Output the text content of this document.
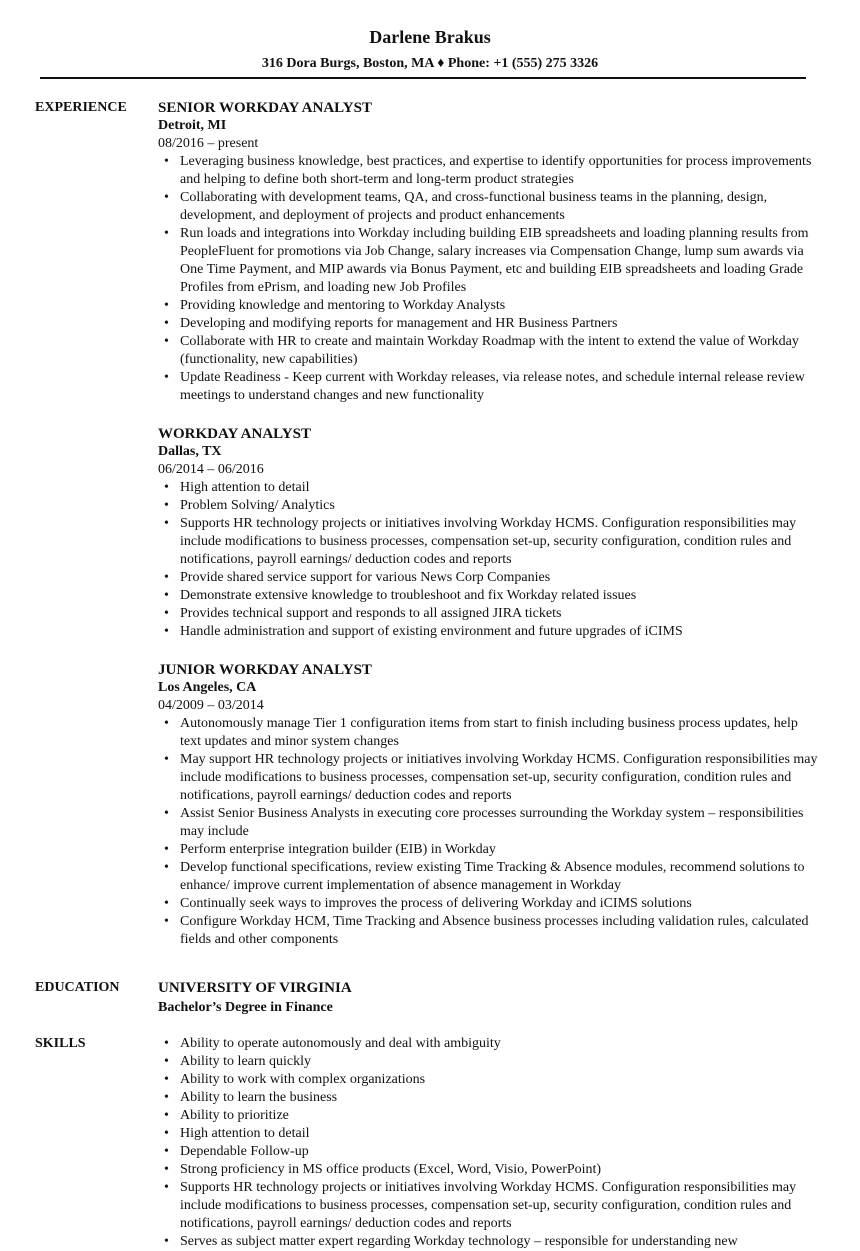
Darlene Brakus
316 Dora Burgs, Boston, MA ♦ Phone: +1 (555) 275 3326
EXPERIENCE SENIOR WORKDAY ANALYST
Detroit, MI
08/2016 – present
• Leveraging business knowledge, best practices, and expertise to identify opportunities for process improvements and helping to define both short-term and long-term product strategies
• Collaborating with development teams, QA, and cross-functional business teams in the planning, design, development, and deployment of projects and product enhancements
• Run loads and integrations into Workday including building EIB spreadsheets and loading planning results from PeopleFluent for promotions via Job Change, salary increases via Compensation Change, lump sum awards via One Time Payment, and MIP awards via Bonus Payment, etc and building EIB spreadsheets and loading Grade Profiles from ePrism, and loading new Job Profiles
• Providing knowledge and mentoring to Workday Analysts
• Developing and modifying reports for management and HR Business Partners
• Collaborate with HR to create and maintain Workday Roadmap with the intent to extend the value of Workday (functionality, new capabilities)
• Update Readiness - Keep current with Workday releases, via release notes, and schedule internal release review meetings to understand changes and new functionality
WORKDAY ANALYST
Dallas, TX
06/2014 – 06/2016
• High attention to detail
• Problem Solving/ Analytics
• Supports HR technology projects or initiatives involving Workday HCMS. Configuration responsibilities may include modifications to business processes, compensation set-up, security configuration, condition rules and notifications, payroll earnings/ deduction codes and reports
• Provide shared service support for various News Corp Companies
• Demonstrate extensive knowledge to troubleshoot and fix Workday related issues
• Provides technical support and responds to all assigned JIRA tickets
• Handle administration and support of existing environment and future upgrades of iCIMS
JUNIOR WORKDAY ANALYST
Los Angeles, CA
04/2009 – 03/2014
• Autonomously manage Tier 1 configuration items from start to finish including business process updates, help text updates and minor system changes
• May support HR technology projects or initiatives involving Workday HCMS. Configuration responsibilities may include modifications to business processes, compensation set-up, security configuration, condition rules and notifications, payroll earnings/ deduction codes and reports
• Assist Senior Business Analysts in executing core processes surrounding the Workday system – responsibilities may include
• Perform enterprise integration builder (EIB) in Workday
• Develop functional specifications, review existing Time Tracking & Absence modules, recommend solutions to enhance/ improve current implementation of absence management in Workday
• Continually seek ways to improves the process of delivering Workday and iCIMS solutions
• Configure Workday HCM, Time Tracking and Absence business processes including validation rules, calculated fields and other components
EDUCATION	UNIVERSITY OF VIRGINIA
Bachelor’s Degree in Finance
SKILLS
•	Ability to operate autonomously and deal with ambiguity
• Ability to learn quickly
• Ability to work with complex organizations
• Ability to learn the business
• Ability to prioritize
• High attention to detail
• Dependable Follow-up
• Strong proficiency in MS office products (Excel, Word, Visio, PowerPoint)
• Supports HR technology projects or initiatives involving Workday HCMS. Configuration responsibilities may include modifications to business processes, compensation set-up, security configuration, condition rules and notifications, payroll earnings/ deduction codes and reports
• Serves as subject matter expert regarding Workday technology – responsible for understanding new
